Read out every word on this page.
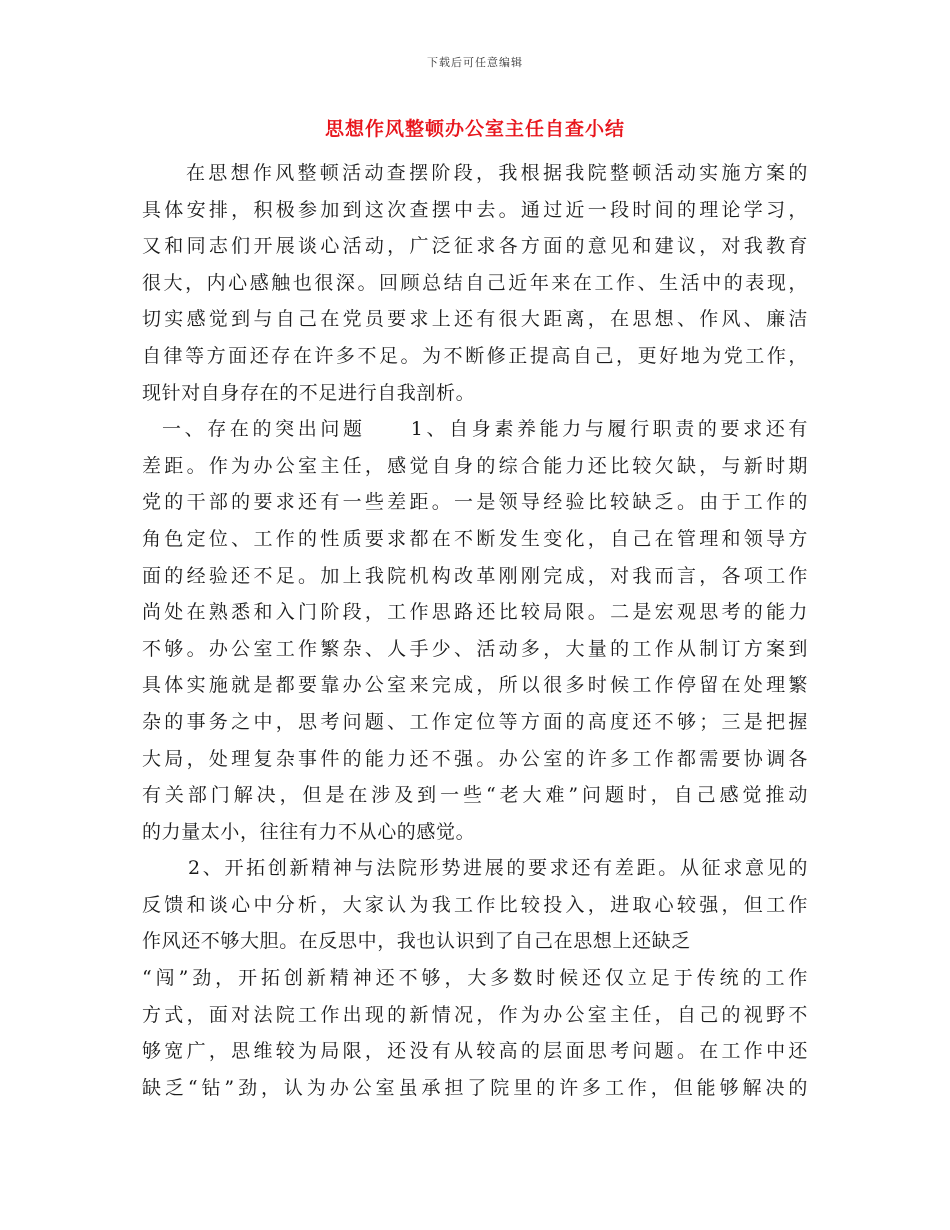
下载后可任意编辑
思想作风整顿办公室主任自查小结
在思想作风整顿活动查摆阶段，我根据我院整顿活动实施方案的
具体安排，积极参加到这次查摆中去。通过近一段时间的理论学习，
又和同志们开展谈心活动，广泛征求各方面的意见和建议，对我教育
很大，内心感触也很深。回顾总结自己近年来在工作、生活中的表现，
切实感觉到与自己在党员要求上还有很大距离，在思想、作风、廉洁
自律等方面还存在许多不足。为不断修正提高自己，更好地为党工作，
现针对自身存在的不足进行自我剖析。
一、存在的突出问题　　1、自身素养能力与履行职责的要求还有
差距。作为办公室主任，感觉自身的综合能力还比较欠缺，与新时期
党的干部的要求还有一些差距。一是领导经验比较缺乏。由于工作的
角色定位、工作的性质要求都在不断发生变化，自己在管理和领导方
面的经验还不足。加上我院机构改革刚刚完成，对我而言，各项工作
尚处在熟悉和入门阶段，工作思路还比较局限。二是宏观思考的能力
不够。办公室工作繁杂、人手少、活动多，大量的工作从制订方案到
具体实施就是都要靠办公室来完成，所以很多时候工作停留在处理繁
杂的事务之中，思考问题、工作定位等方面的高度还不够；三是把握
大局，处理复杂事件的能力还不强。办公室的许多工作都需要协调各
有关部门解决，但是在涉及到一些“老大难”问题时，自己感觉推动
的力量太小，往往有力不从心的感觉。
2、开拓创新精神与法院形势进展的要求还有差距。从征求意见的
反馈和谈心中分析，大家认为我工作比较投入，进取心较强，但工作
作风还不够大胆。在反思中，我也认识到了自己在思想上还缺乏
“闯”劲，开拓创新精神还不够，大多数时候还仅立足于传统的工作
方式，面对法院工作出现的新情况，作为办公室主任，自己的视野不
够宽广，思维较为局限，还没有从较高的层面思考问题。在工作中还
缺乏“钻”劲，认为办公室虽承担了院里的许多工作，但能够解决的
